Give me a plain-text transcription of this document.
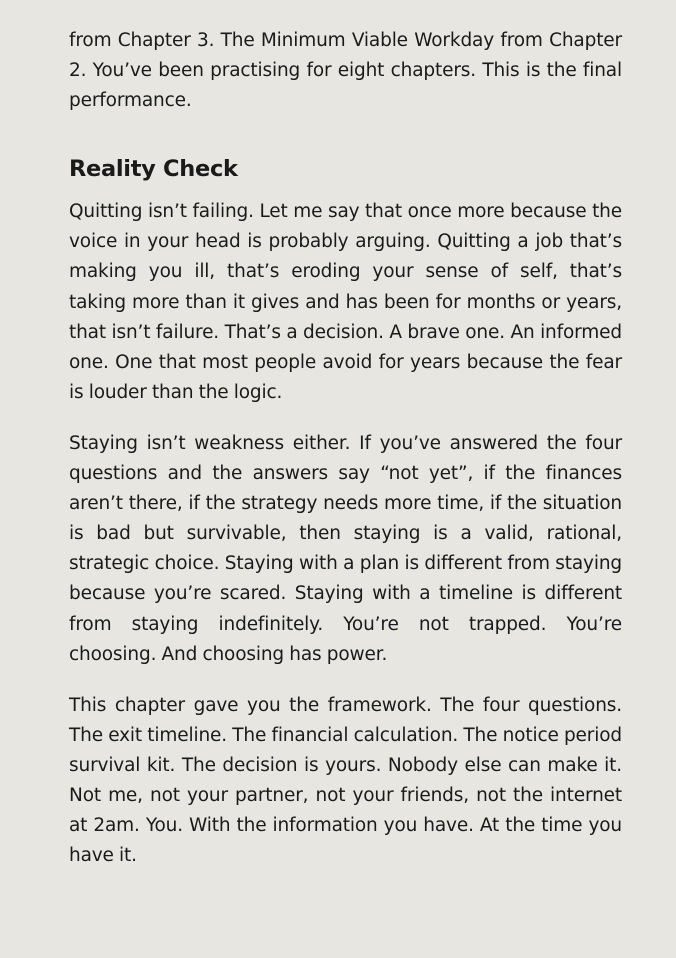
from Chapter 3. The Minimum Viable Workday from Chapter 2. You’ve been practising for eight chapters. This is the final performance.

Reality Check

Quitting isn’t failing. Let me say that once more because the voice in your head is probably arguing. Quitting a job that’s making you ill, that’s eroding your sense of self, that’s taking more than it gives and has been for months or years, that isn’t failure. That’s a decision. A brave one. An informed one. One that most people avoid for years because the fear is louder than the logic.

Staying isn’t weakness either. If you’ve answered the four questions and the answers say “not yet”, if the finances aren’t there, if the strategy needs more time, if the situation is bad but survivable, then staying is a valid, rational, strategic choice. Staying with a plan is different from staying because you’re scared. Staying with a timeline is different from staying indefinitely. You’re not trapped. You’re choosing. And choosing has power.

This chapter gave you the framework. The four questions. The exit timeline. The financial calculation. The notice period survival kit. The decision is yours. Nobody else can make it. Not me, not your partner, not your friends, not the internet at 2am. You. With the information you have. At the time you have it.
